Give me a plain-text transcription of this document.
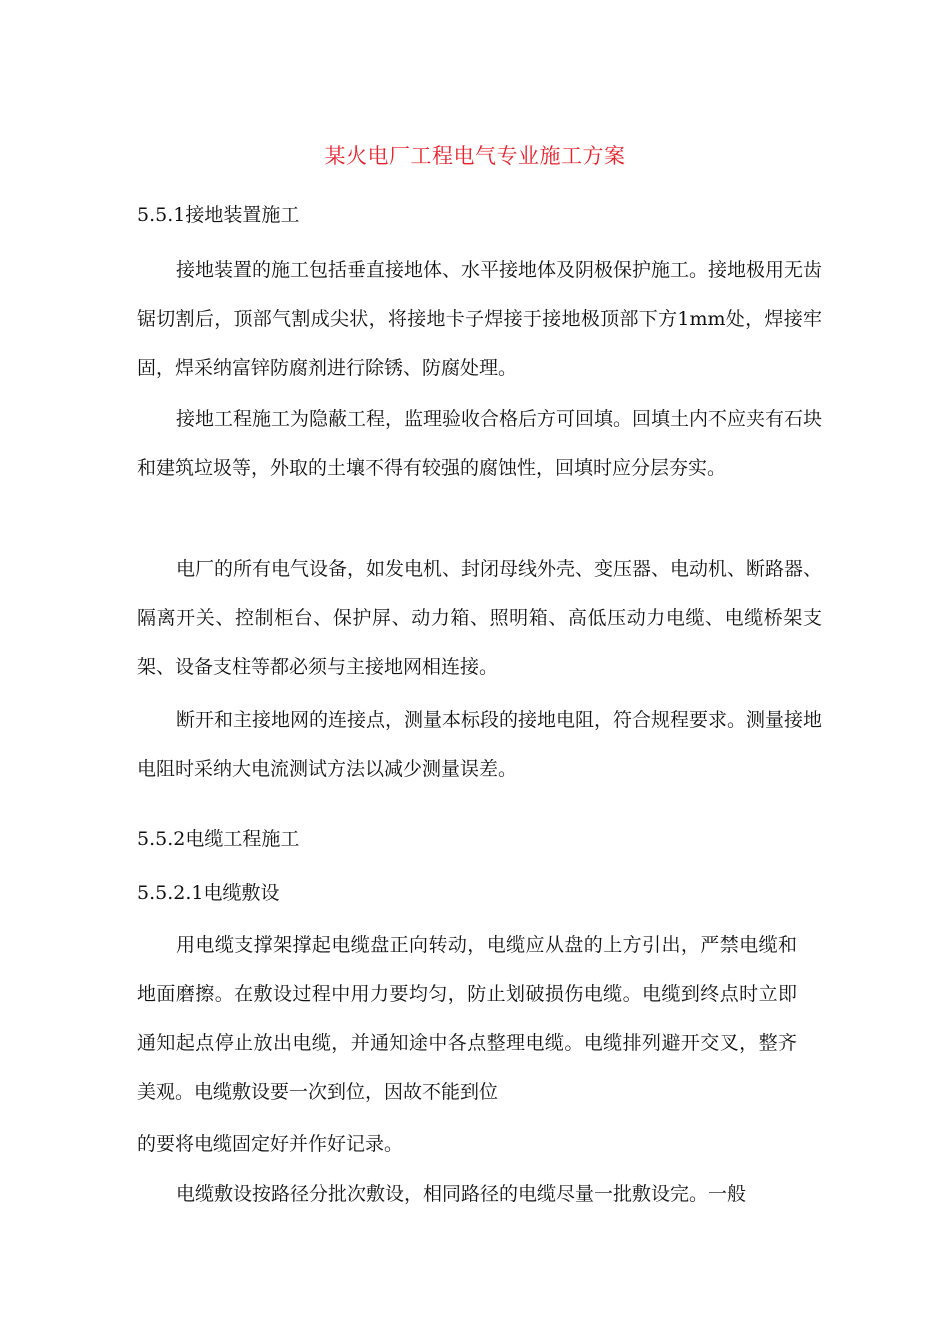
某火电厂工程电气专业施工方案
5.5.1接地装置施工

接地装置的施工包括垂直接地体、水平接地体及阴极保护施工。接地极用无齿锯切割后，顶部气割成尖状，将接地卡子焊接于接地极顶部下方1mm处，焊接牢固，焊采纳富锌防腐剂进行除锈、防腐处理。

接地工程施工为隐蔽工程，监理验收合格后方可回填。回填土内不应夹有石块和建筑垃圾等，外取的土壤不得有较强的腐蚀性，回填时应分层夯实。

电厂的所有电气设备，如发电机、封闭母线外壳、变压器、电动机、断路器、隔离开关、控制柜台、保护屏、动力箱、照明箱、高低压动力电缆、电缆桥架支架、设备支柱等都必须与主接地网相连接。

断开和主接地网的连接点，测量本标段的接地电阻，符合规程要求。测量接地电阻时采纳大电流测试方法以减少测量误差。

5.5.2电缆工程施工
5.5.2.1电缆敷设

用电缆支撑架撑起电缆盘正向转动，电缆应从盘的上方引出，严禁电缆和地面磨擦。在敷设过程中用力要均匀，防止划破损伤电缆。电缆到终点时立即通知起点停止放出电缆，并通知途中各点整理电缆。电缆排列避开交叉，整齐美观。电缆敷设要一次到位，因故不能到位

的要将电缆固定好并作好记录。

电缆敷设按路径分批次敷设，相同路径的电缆尽量一批敷设完。一般
